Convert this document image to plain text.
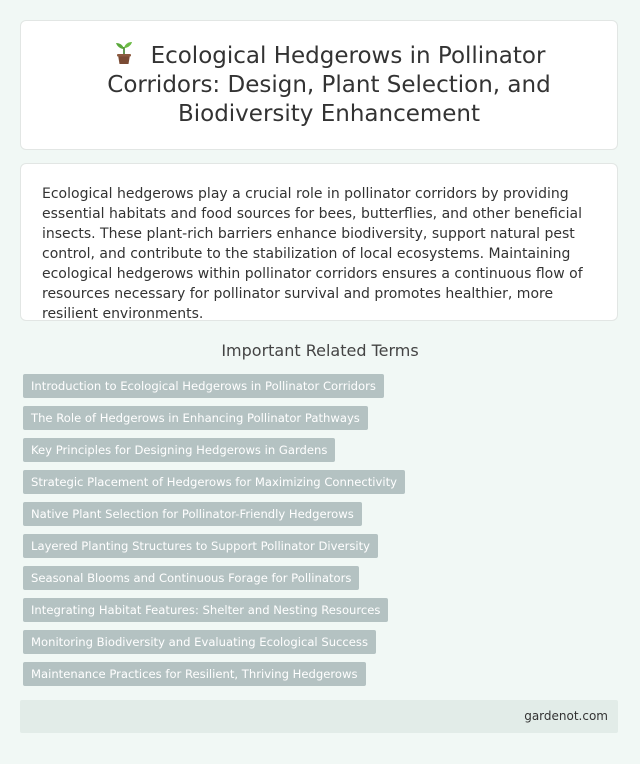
Ecological Hedgerows in Pollinator Corridors: Design, Plant Selection, and Biodiversity Enhancement

Ecological hedgerows play a crucial role in pollinator corridors by providing essential habitats and food sources for bees, butterflies, and other beneficial insects. These plant-rich barriers enhance biodiversity, support natural pest control, and contribute to the stabilization of local ecosystems. Maintaining ecological hedgerows within pollinator corridors ensures a continuous flow of resources necessary for pollinator survival and promotes healthier, more resilient environments.

Important Related Terms
Introduction to Ecological Hedgerows in Pollinator Corridors
The Role of Hedgerows in Enhancing Pollinator Pathways
Key Principles for Designing Hedgerows in Gardens
Strategic Placement of Hedgerows for Maximizing Connectivity
Native Plant Selection for Pollinator-Friendly Hedgerows
Layered Planting Structures to Support Pollinator Diversity
Seasonal Blooms and Continuous Forage for Pollinators
Integrating Habitat Features: Shelter and Nesting Resources
Monitoring Biodiversity and Evaluating Ecological Success
Maintenance Practices for Resilient, Thriving Hedgerows
gardenot.com
